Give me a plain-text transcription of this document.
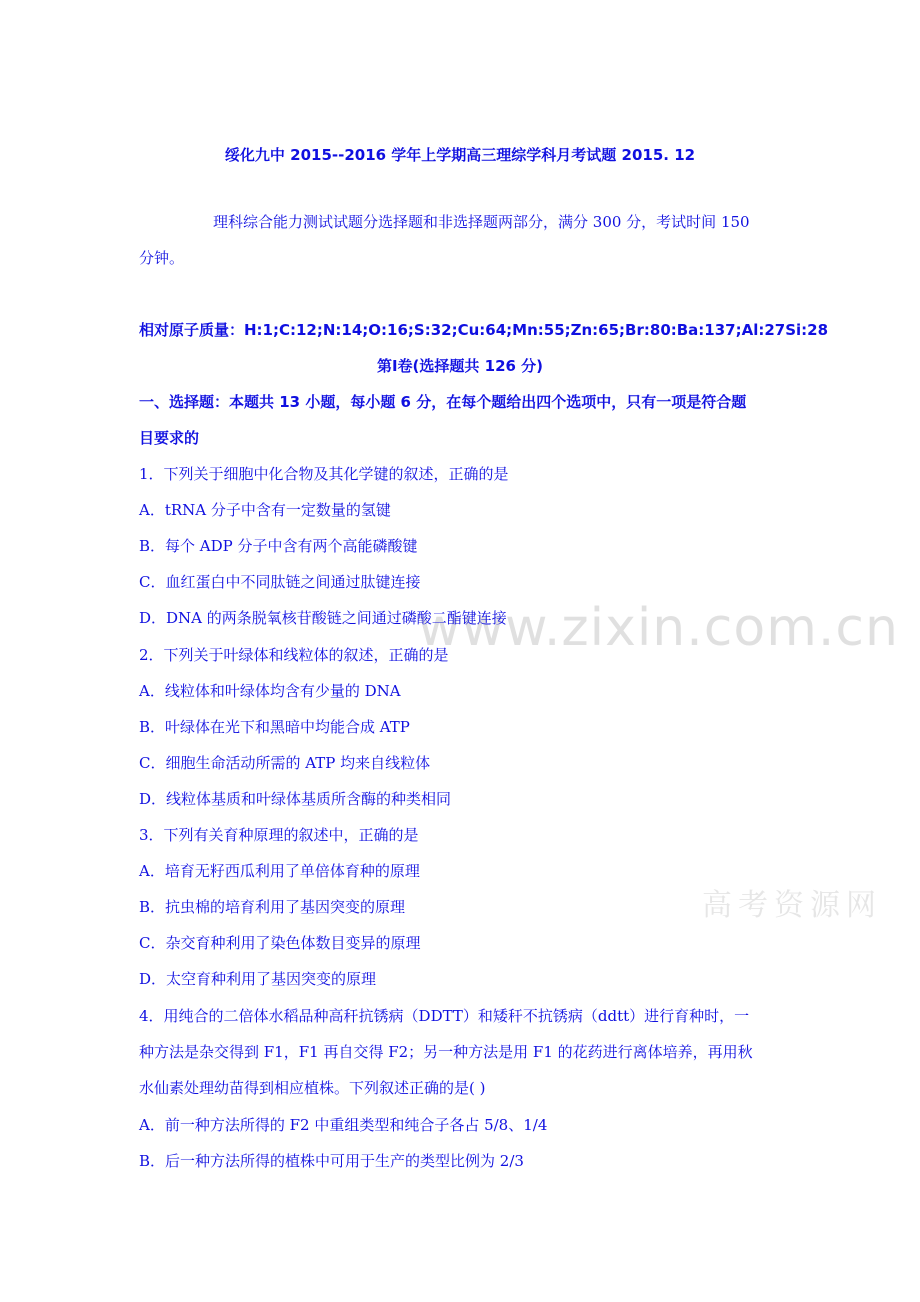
www.zixin.com.cn
高考资源网
绥化九中 2015--2016 学年上学期高三理综学科月考试题 2015. 12
理科综合能力测试试题分选择题和非选择题两部分，满分 300 分，考试时间 150
分钟。
相对原子质量：H:1;C:12;N:14;O:16;S:32;Cu:64;Mn:55;Zn:65;Br:80:Ba:137;Al:27Si:28
第Ⅰ卷(选择题共 126 分)
一、选择题：本题共 13 小题，每小题 6 分，在每个题给出四个选项中，只有一项是符合题
目要求的
1．下列关于细胞中化合物及其化学键的叙述，正确的是
A．tRNA 分子中含有一定数量的氢键
B．每个 ADP 分子中含有两个高能磷酸键
C．血红蛋白中不同肽链之间通过肽键连接
D．DNA 的两条脱氧核苷酸链之间通过磷酸二酯键连接
2．下列关于叶绿体和线粒体的叙述，正确的是
A．线粒体和叶绿体均含有少量的 DNA
B．叶绿体在光下和黑暗中均能合成 ATP
C．细胞生命活动所需的 ATP 均来自线粒体
D．线粒体基质和叶绿体基质所含酶的种类相同
3．下列有关育种原理的叙述中，正确的是
A．培育无籽西瓜利用了单倍体育种的原理
B．抗虫棉的培育利用了基因突变的原理
C．杂交育种利用了染色体数目变异的原理
D．太空育种利用了基因突变的原理
4．用纯合的二倍体水稻品种高秆抗锈病（DDTT）和矮秆不抗锈病（ddtt）进行育种时，一
种方法是杂交得到 F1，F1 再自交得 F2；另一种方法是用 F1 的花药进行离体培养，再用秋
水仙素处理幼苗得到相应植株。下列叙述正确的是( )
A．前一种方法所得的 F2 中重组类型和纯合子各占 5/8、1/4
B．后一种方法所得的植株中可用于生产的类型比例为 2/3
